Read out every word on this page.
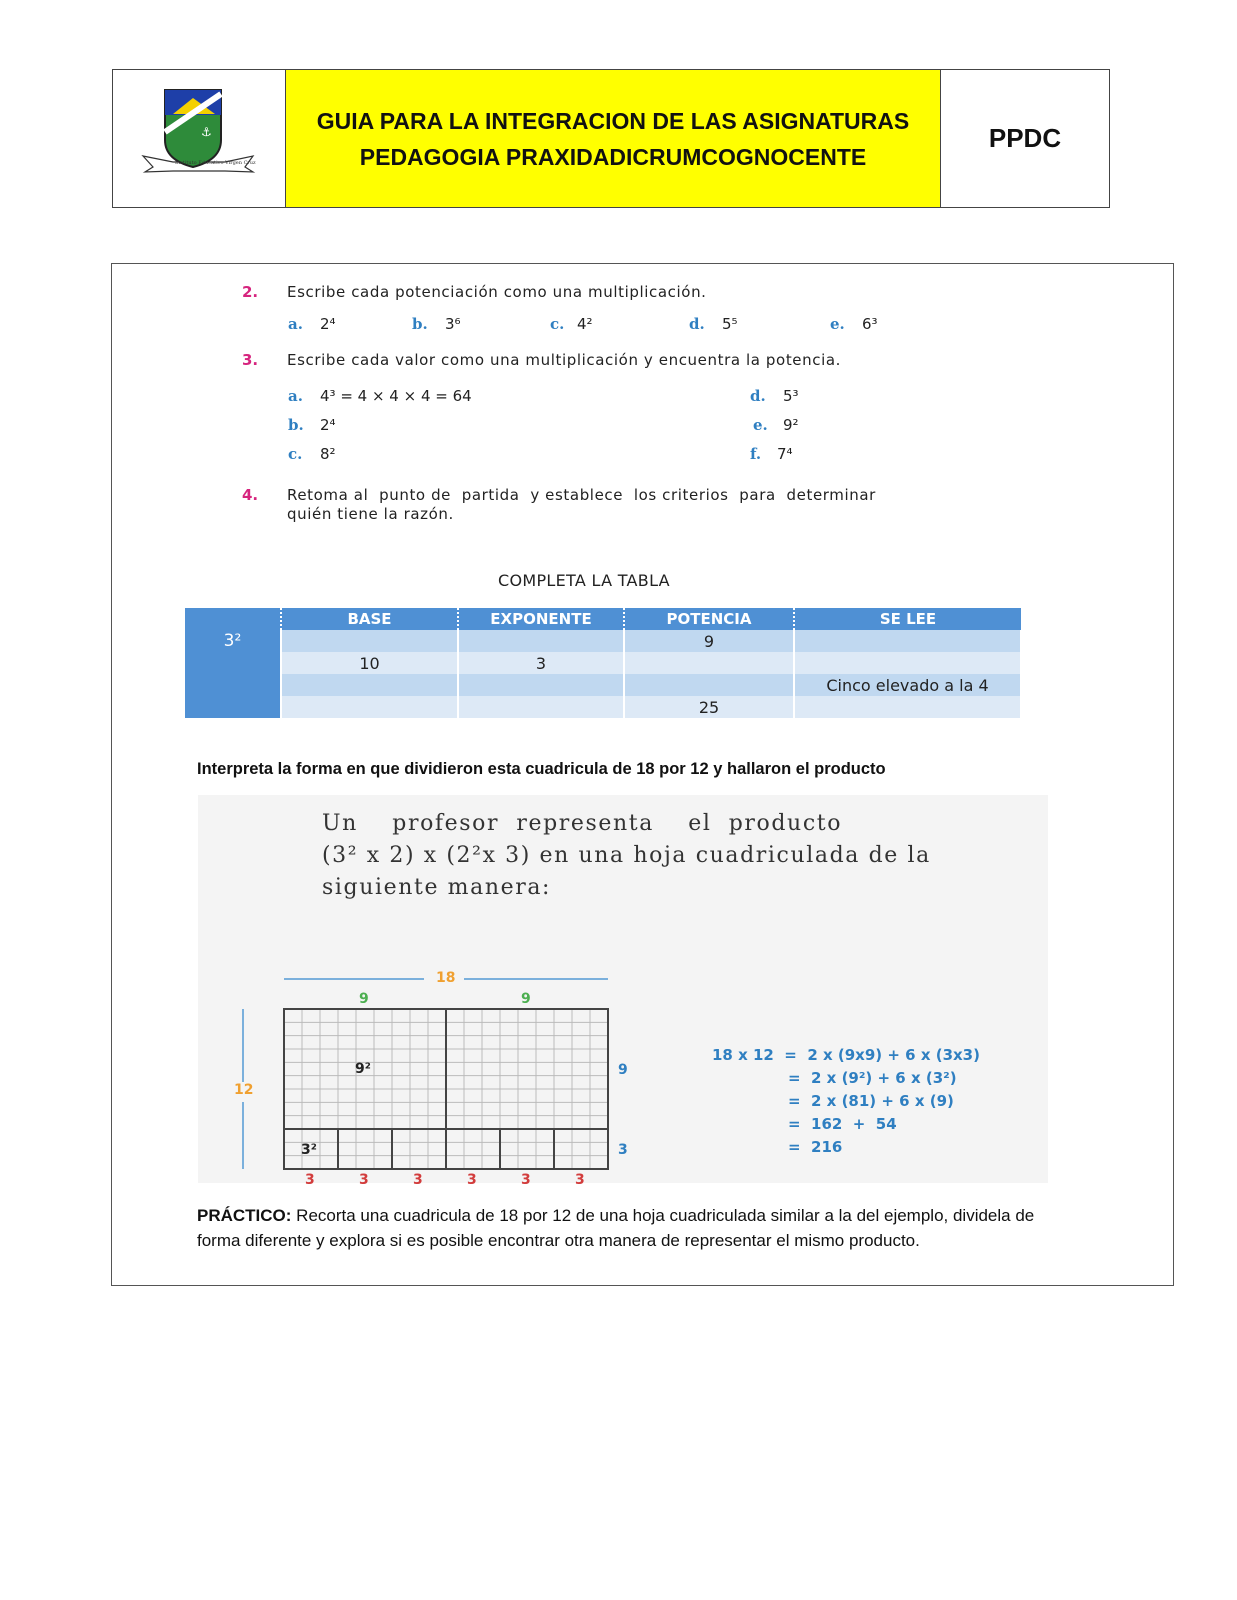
⚓
Instituto Educativo Virgen Cruz
GUIA PARA LA INTEGRACION DE LAS ASIGNATURAS
PEDAGOGIA PRAXIDADICRUMCOGNOCENTE
PPDC
2. Escribe cada potenciación como una multiplicación.
a. 2⁴	b. 3⁶	c. 4²	d. 5⁵	e. 6³
3. Escribe cada valor como una multiplicación y encuentra la potencia.
a. 4³ = 4 × 4 × 4 = 64
b. 2⁴
c. 8²
d. 5³
e. 9²
f. 7⁴
4. Retoma al  punto de  partida  y establece  los criterios  para  determinar
quién tiene la razón.
COMPLETA LA TABLA
	BASE	EXPONENTE	POTENCIA	SE LEE
3²			9	
	10	3		
				Cinco elevado a la 4
			25	
Interpreta la forma en que dividieron esta cuadricula de 18 por 12 y hallaron el producto
Un    profesor  representa    el  producto
(3² x 2) x (2²x 3) en una hoja cuadriculada de la
siguiente manera:
18
12
9	9
9
3
9²
3²
3	3	3	3	3	3
18 x 12  =  2 x (9x9) + 6 x (3x3)
=  2 x (9²) + 6 x (3²)
=  2 x (81) + 6 x (9)
=  162  +  54
=  216
PRÁCTICO: Recorta una cuadricula de 18 por 12 de una hoja cuadriculada similar a la del ejemplo, dividela de forma diferente y explora si es posible encontrar otra manera de representar el mismo producto.
